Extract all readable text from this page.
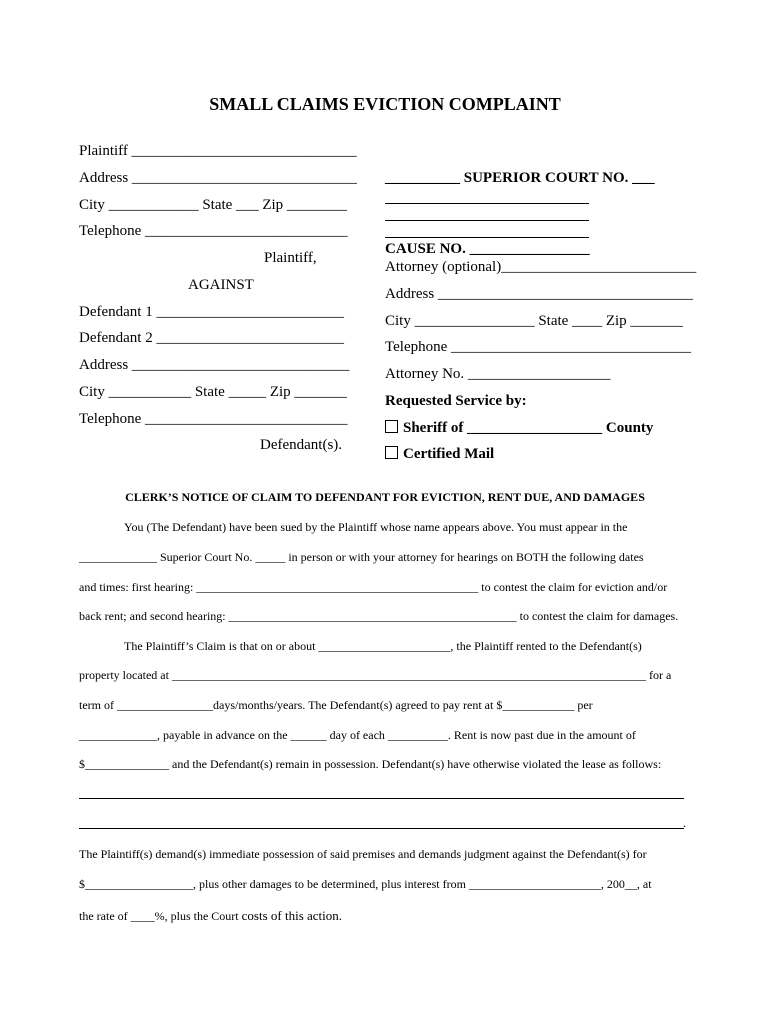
SMALL CLAIMS EVICTION COMPLAINT
Plaintiff ______________________________
Address ______________________________
City ____________ State ___ Zip ________
Telephone ___________________________
Plaintiff,
AGAINST
Defendant 1 _________________________
Defendant 2 _________________________
Address _____________________________
City ___________ State _____ Zip _______
Telephone ___________________________
Defendant(s).
__________ SUPERIOR COURT NO. ___
CAUSE NO. ________________
Attorney (optional)__________________________
Address __________________________________
City ________________ State ____ Zip _______
Telephone ________________________________
Attorney No. ___________________
Requested Service by:
Sheriff of __________________ County
Certified Mail
CLERK’S NOTICE OF CLAIM TO DEFENDANT FOR EVICTION, RENT DUE, AND DAMAGES
You (The Defendant) have been sued by the Plaintiff whose name appears above. You must appear in the
_____________ Superior Court No. _____ in person or with your attorney for hearings on BOTH the following dates
and times: first hearing: _______________________________________________ to contest the claim for eviction and/or
back rent; and second hearing: ________________________________________________ to contest the claim for damages.
The Plaintiff’s Claim is that on or about ______________________, the Plaintiff rented to the Defendant(s)
property located at _______________________________________________________________________________ for a
term of ________________days/months/years. The Defendant(s) agreed to pay rent at $____________ per
_____________, payable in advance on the ______ day of each __________. Rent is now past due in the amount of
$______________ and the Defendant(s) remain in possession. Defendant(s) have otherwise violated the lease as follows:
.
The Plaintiff(s) demand(s) immediate possession of said premises and demands judgment against the Defendant(s) for
$__________________, plus other damages to be determined, plus interest from ______________________, 200__, at
the rate of ____%, plus the Court costs of this action.
